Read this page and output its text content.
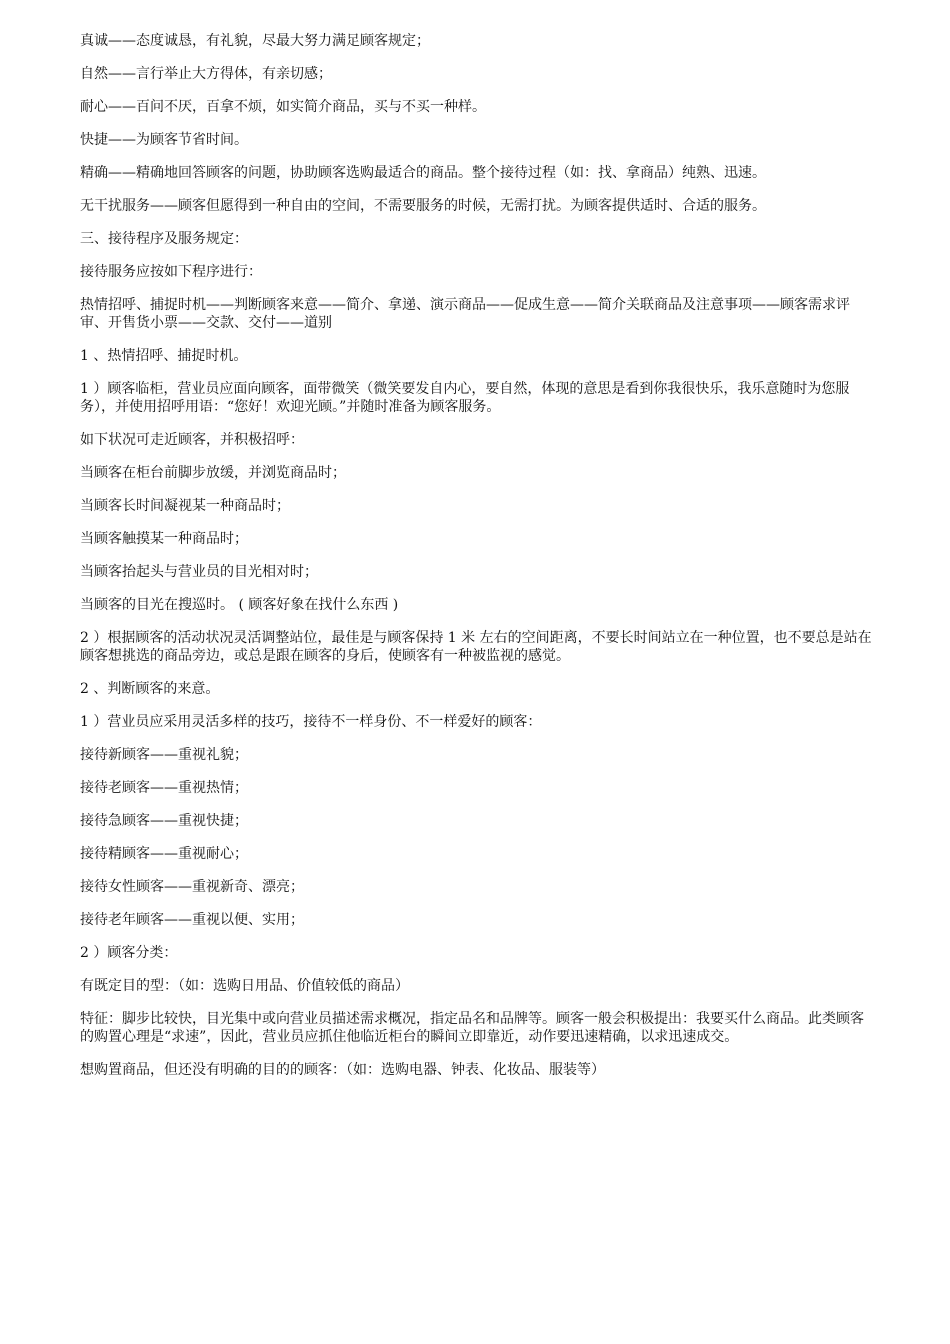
真诚——态度诚恳，有礼貌，尽最大努力满足顾客规定；

自然——言行举止大方得体，有亲切感；

耐心——百问不厌，百拿不烦，如实简介商品，买与不买一种样。

快捷——为顾客节省时间。

精确——精确地回答顾客的问题，协助顾客选购最适合的商品。整个接待过程（如：找、拿商品）纯熟、迅速。

无干扰服务——顾客但愿得到一种自由的空间，不需要服务的时候，无需打扰。为顾客提供适时、合适的服务。

三、接待程序及服务规定：

接待服务应按如下程序进行：

热情招呼、捕捉时机——判断顾客来意——简介、拿递、演示商品——促成生意——简介关联商品及注意事项——顾客需求评审、开售货小票——交款、交付——道别

1 、热情招呼、捕捉时机。

1 ）顾客临柜，营业员应面向顾客，面带微笑（微笑要发自内心，要自然，体现的意思是看到你我很快乐，我乐意随时为您服务），并使用招呼用语：“您好！欢迎光顾。”并随时准备为顾客服务。

如下状况可走近顾客，并积极招呼：

当顾客在柜台前脚步放缓，并浏览商品时；

当顾客长时间凝视某一种商品时；

当顾客触摸某一种商品时；

当顾客抬起头与营业员的目光相对时；

当顾客的目光在搜巡时。 ( 顾客好象在找什么东西 )

2 ）根据顾客的活动状况灵活调整站位，最佳是与顾客保持 1 米 左右的空间距离，不要长时间站立在一种位置，也不要总是站在顾客想挑选的商品旁边，或总是跟在顾客的身后，使顾客有一种被监视的感觉。

2 、判断顾客的来意。

1 ）营业员应采用灵活多样的技巧，接待不一样身份、不一样爱好的顾客：

接待新顾客——重视礼貌；

接待老顾客——重视热情；

接待急顾客——重视快捷；

接待精顾客——重视耐心；

接待女性顾客——重视新奇、漂亮；

接待老年顾客——重视以便、实用；

2 ）顾客分类：

有既定目的型：（如：选购日用品、价值较低的商品）

特征：脚步比较快，目光集中或向营业员描述需求概况，指定品名和品牌等。顾客一般会积极提出：我要买什么商品。此类顾客的购置心理是“求速”，因此，营业员应抓住他临近柜台的瞬间立即靠近，动作要迅速精确，以求迅速成交。

想购置商品，但还没有明确的目的的顾客：（如：选购电器、钟表、化妆品、服装等）
